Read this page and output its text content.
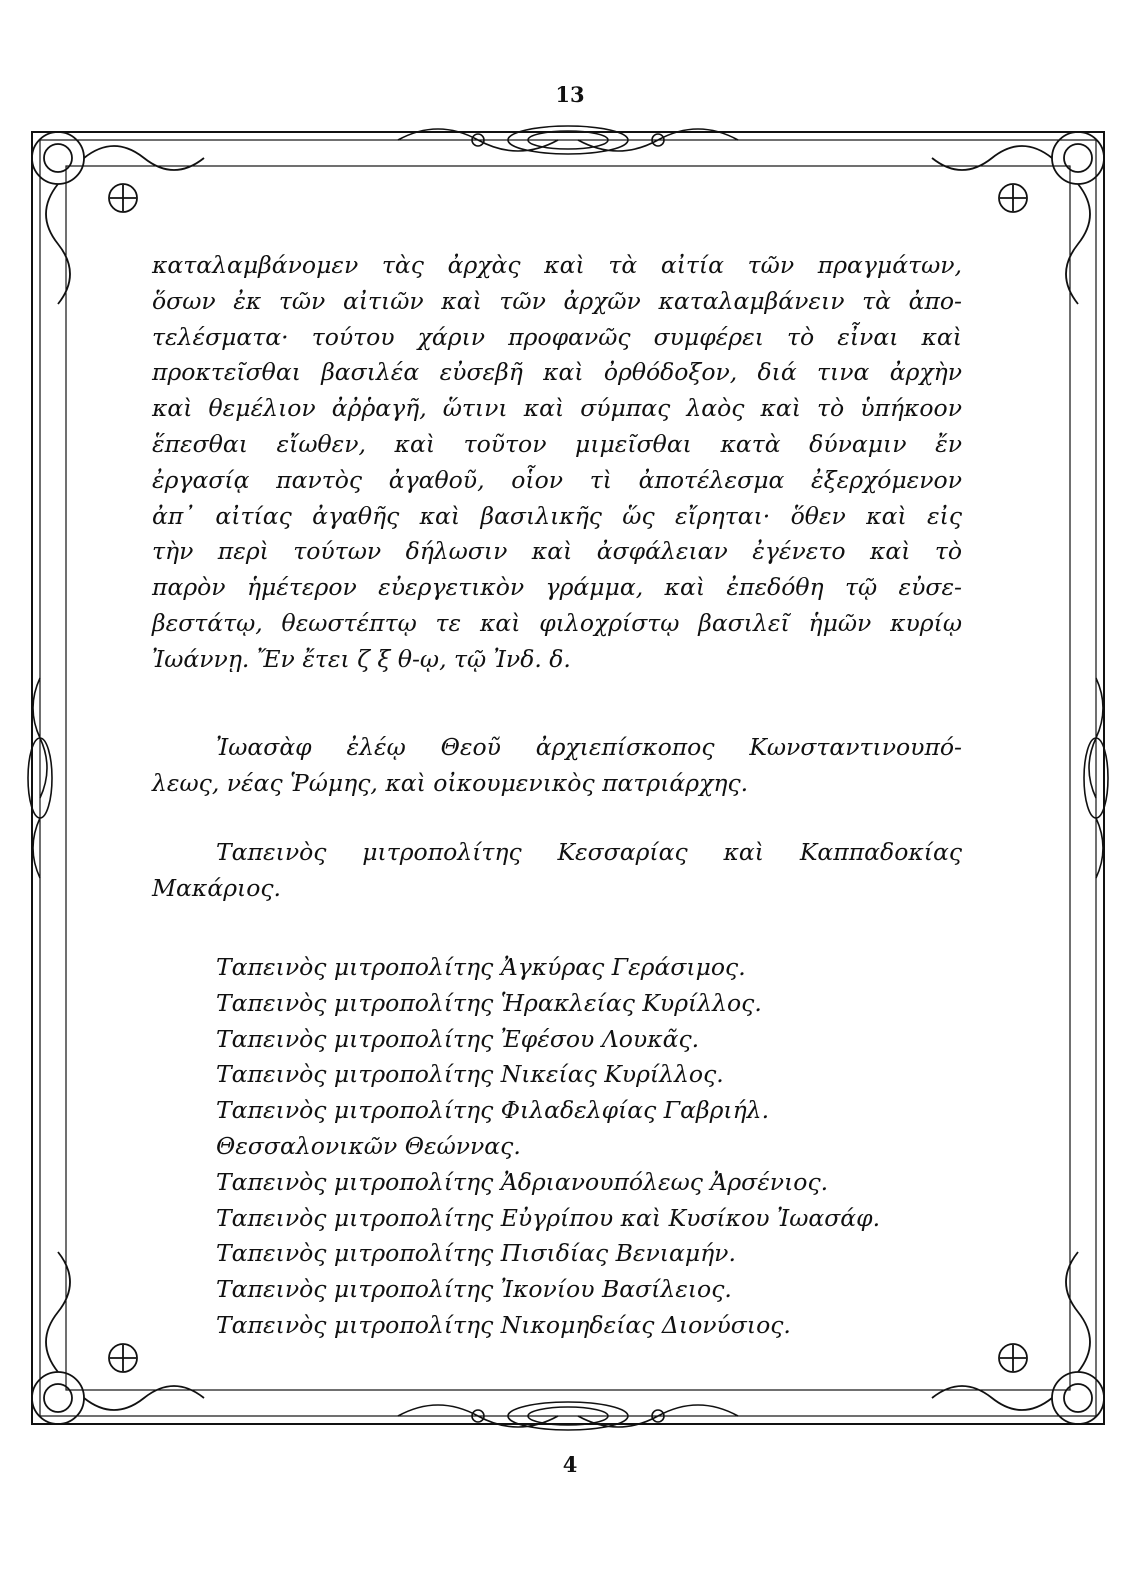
13
καταλαμβάνομεν τὰς ἀρχὰς καὶ τὰ αἰτία τῶν πραγμάτων,
ὅσων ἐκ τῶν αἰτιῶν καὶ τῶν ἀρχῶν καταλαμβάνειν τὰ ἀπο-
τελέσματα· τούτου χάριν προφανῶς συμφέρει τὸ εἶναι καὶ
προκτεῖσθαι βασιλέα εὐσεβῆ καὶ ὀρθόδοξον, διά τινα ἀρχὴν
καὶ θεμέλιον ἀῤῥαγῆ, ὥτινι καὶ σύμπας λαὸς καὶ τὸ ὑπήκοον
ἕπεσθαι εἴωθεν, καὶ τοῦτον μιμεῖσθαι κατὰ δύναμιν ἔν
ἐργασίᾳ παντὸς ἀγαθοῦ, οἷον τὶ ἀποτέλεσμα ἐξερχόμενον
ἀπ᾽ αἰτίας ἀγαθῆς καὶ βασιλικῆς ὥς εἴρηται· ὅθεν καὶ εἰς
τὴν περὶ τούτων δήλωσιν καὶ ἀσφάλειαν ἐγένετο καὶ τὸ
παρὸν ἡμέτερον εὐεργετικὸν γράμμα, καὶ ἐπεδόθη τῷ εὐσε-
βεστάτῳ, θεωστέπτῳ τε καὶ φιλοχρίστῳ βασιλεῖ ἡμῶν κυρίῳ
Ἰωάννῃ. Ἔν ἔτει ζ ξ θ-ῳ, τῷ Ἰνδ. δ.
Ἰωασὰφ ἐλέῳ Θεοῦ ἀρχιεπίσκοπος Κωνσταντινουπό-
λεως, νέας Ῥώμης, καὶ οἰκουμενικὸς πατριάρχης.
Ταπεινὸς μιτροπολίτης Κεσσαρίας καὶ Καππαδοκίας
Μακάριος.
Ταπεινὸς μιτροπολίτης Ἀγκύρας Γεράσιμος.
Ταπεινὸς μιτροπολίτης Ἡρακλείας Κυρίλλος.
Ταπεινὸς μιτροπολίτης Ἐφέσου Λουκᾶς.
Ταπεινὸς μιτροπολίτης Νικείας Κυρίλλος.
Ταπεινὸς μιτροπολίτης Φιλαδελφίας Γαβριήλ.
Θεσσαλονικῶν Θεώννας.
Ταπεινὸς μιτροπολίτης Ἀδριανουπόλεως Ἀρσένιος.
Ταπεινὸς μιτροπολίτης Εὐγρίπου καὶ Κυσίκου Ἰωασάφ.
Ταπεινὸς μιτροπολίτης Πισιδίας Βενιαμήν.
Ταπεινὸς μιτροπολίτης Ἰκονίου Βασίλειος.
Ταπεινὸς μιτροπολίτης Νικομηδείας Διονύσιος.
4
